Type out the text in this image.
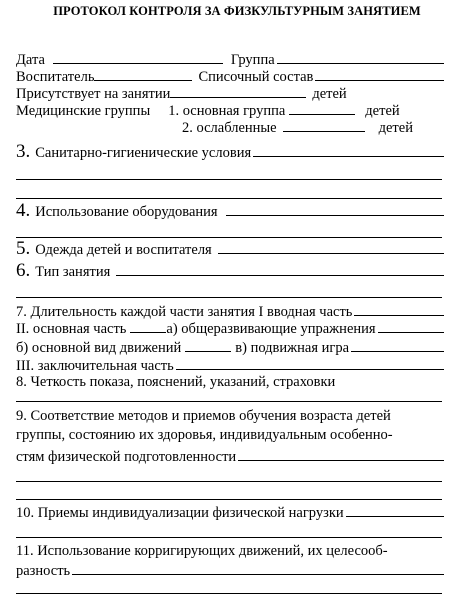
ПРОТОКОЛ КОНТРОЛЯ ЗА ФИЗКУЛЬТУРНЫМ ЗАНЯТИЕМ
Дата	Группа
Воспитатель	Списочный состав
Присутствует на занятии	детей
Медицинские группы 1. основная группа	детей
2. ослабленные	детей
3. Санитарно-гигиенические условия
4. Использование оборудования
5. Одежда детей и воспитателя
6. Тип занятия
7. Длительность каждой части занятия I вводная часть
II. основная часть	а) общеразвивающие упражнения
б) основной вид движений	в) подвижная игра
III. заключительная часть
8. Четкость показа, пояснений, указаний, страховки
9. Соответствие методов и приемов обучения возраста детей
группы, состоянию их здоровья, индивидуальным особенно-
стям физической подготовленности
10. Приемы индивидуализации физической нагрузки
11. Использование корригирующих движений, их целесооб-
разность
